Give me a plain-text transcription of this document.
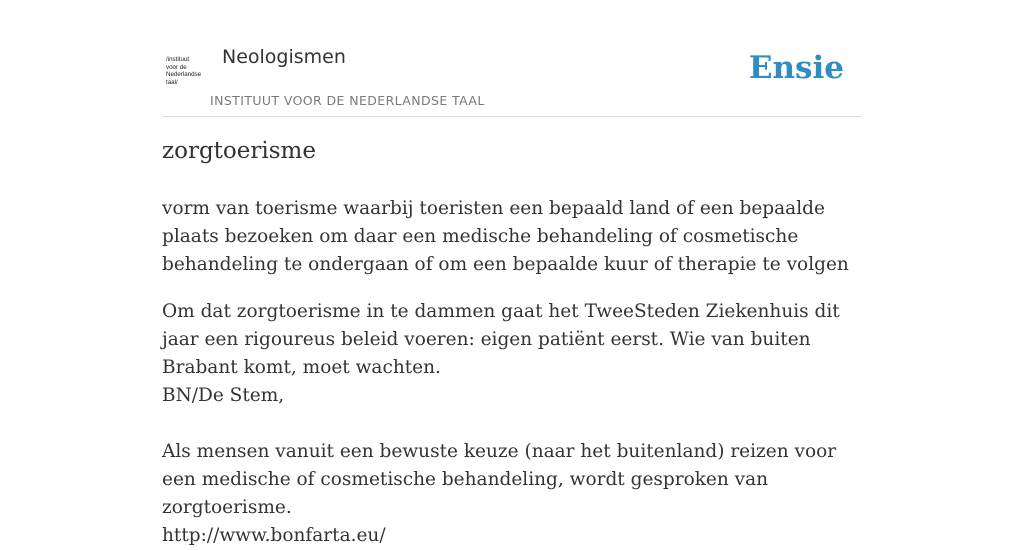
/instituut
voor de
Nederlandse
taal/
Neologismen
INSTITUUT VOOR DE NEDERLANDSE TAAL
Ensie
zorgtoerisme

vorm van toerisme waarbij toeristen een bepaald land of een bepaalde plaats bezoeken om daar een medische behandeling of cosmetische behandeling te ondergaan of om een bepaalde kuur of therapie te volgen

Om dat zorgtoerisme in te dammen gaat het TweeSteden Ziekenhuis dit jaar een rigoureus beleid voeren: eigen patiënt eerst. Wie van buiten Brabant komt, moet wachten.
BN/De Stem,
Als mensen vanuit een bewuste keuze (naar het buitenland) reizen voor een medische of cosmetische behandeling, wordt gesproken van zorgtoerisme.
http://www.bonfarta.eu/
